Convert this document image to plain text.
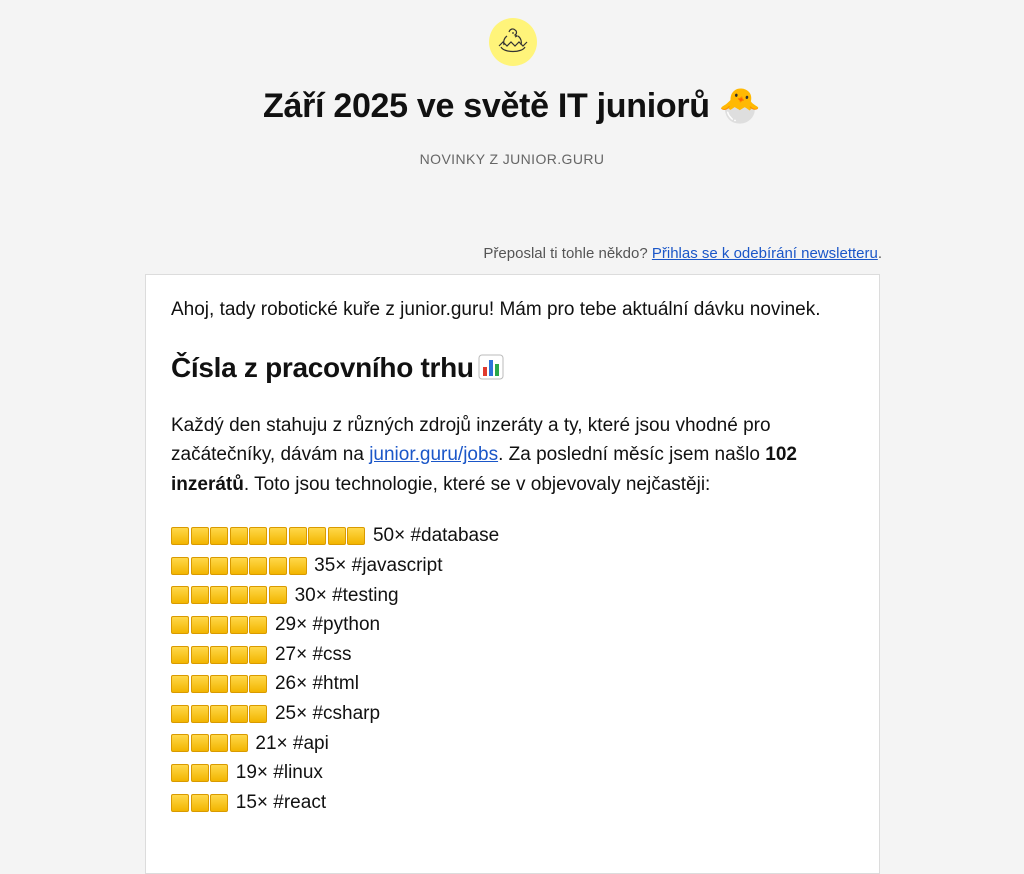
Září 2025 ve světě IT juniorů 🐣
NOVINKY Z JUNIOR.GURU
Přeposlal ti tohle někdo? Přihlas se k odebírání newsletteru.

Ahoj, tady robotické kuře z junior.guru! Mám pro tebe aktuální dávku novinek.

Čísla z pracovního trhu

Každý den stahuju z různých zdrojů inzeráty a ty, které jsou vhodné pro začátečníky, dávám na junior.guru/jobs. Za poslední měsíc jsem našlo 102 inzerátů. Toto jsou technologie, které se v objevovaly nejčastěji:

50× #database
35× #javascript
30× #testing
29× #python
27× #css
26× #html
25× #csharp
21× #api
19× #linux
15× #react
